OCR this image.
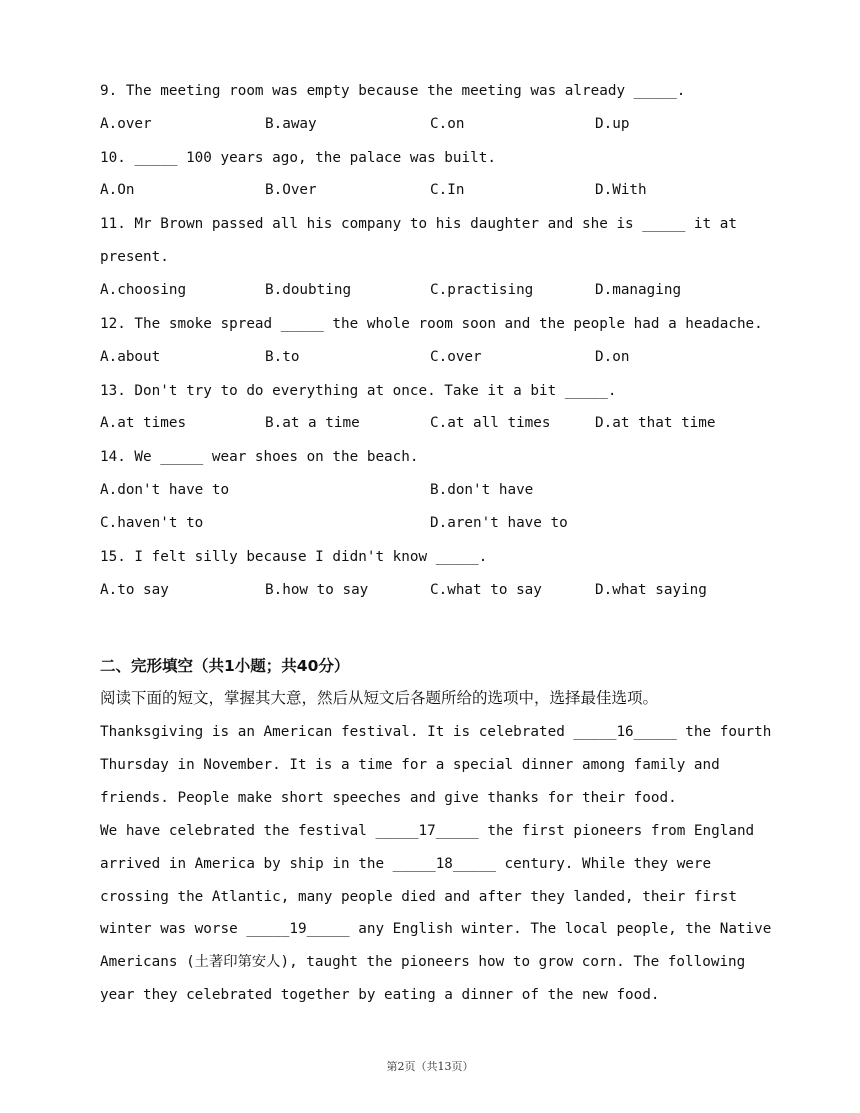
9. The meeting room was empty because the meeting was already _____.
A.over	B.away	C.on	D.up
10. _____ 100 years ago, the palace was built.
A.On	B.Over	C.In	D.With
11. Mr Brown passed all his company to his daughter and she is _____ it at
present.
A.choosing	B.doubting	C.practising	D.managing
12. The smoke spread _____ the whole room soon and the people had a headache.
A.about	B.to	C.over	D.on
13. Don't try to do everything at once. Take it a bit _____.
A.at times	B.at a time	C.at all times	D.at that time
14. We _____ wear shoes on the beach.
A.don't have to	B.don't have
C.haven't to	D.aren't have to
15. I felt silly because I didn't know _____.
A.to say	B.how to say	C.what to say	D.what saying
二、完形填空（共1小题；共40分）
阅读下面的短文，掌握其大意，然后从短文后各题所给的选项中，选择最佳选项。
Thanksgiving is an American festival. It is celebrated _____16_____ the fourth
Thursday in November. It is a time for a special dinner among family and
friends. People make short speeches and give thanks for their food.
We have celebrated the festival _____17_____ the first pioneers from England
arrived in America by ship in the _____18_____ century. While they were
crossing the Atlantic, many people died and after they landed, their first
winter was worse _____19_____ any English winter. The local people, the Native
Americans (土著印第安人), taught the pioneers how to grow corn. The following
year they celebrated together by eating a dinner of the new food.
第2页（共13页）
